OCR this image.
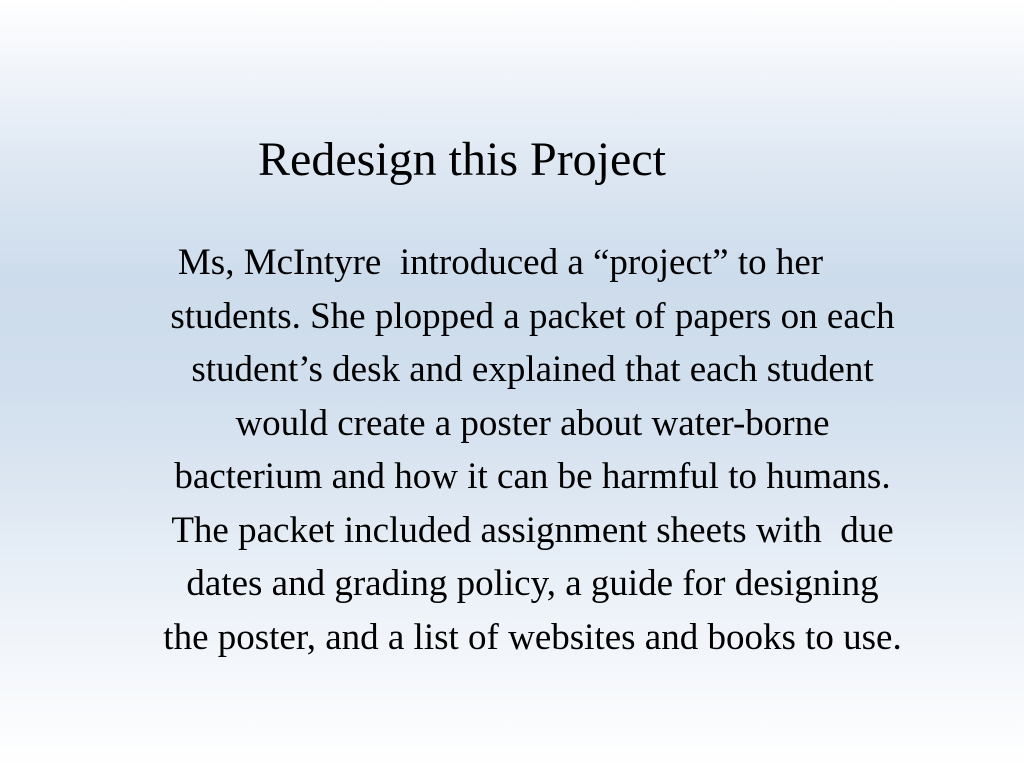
Redesign this Project

Ms, McIntyre  introduced a “project” to her
students. She plopped a packet of papers on each
student’s desk and explained that each student
would create a poster about water-borne
bacterium and how it can be harmful to humans.
The packet included assignment sheets with  due
dates and grading policy, a guide for designing
the poster, and a list of websites and books to use.
